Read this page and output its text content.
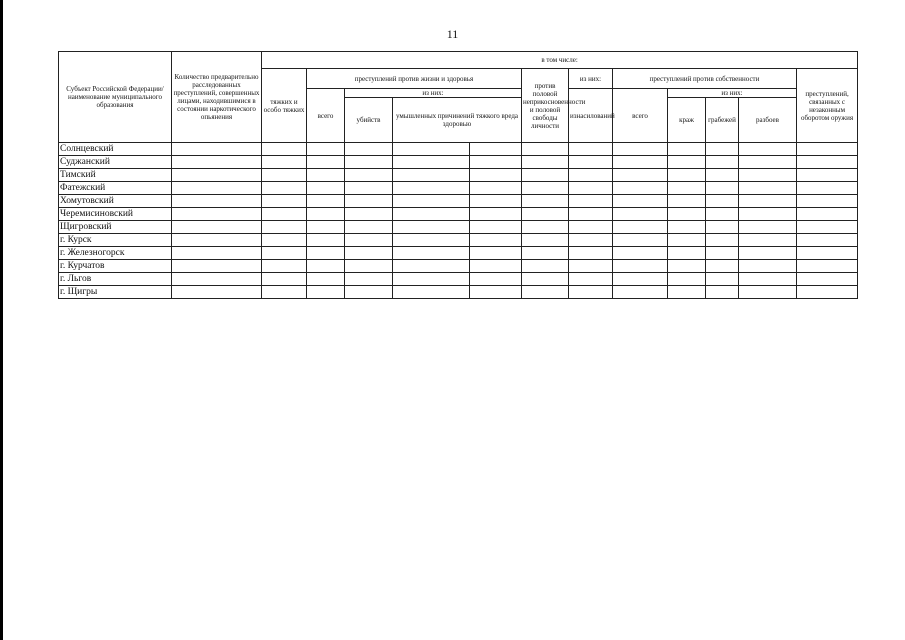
11
Субъект Российской Федерации/ наименование муниципального образования	Количество предварительно расследованных преступлений, совершенных лицами, находившимися в состоянии наркотического опьянения	в том числе:												
		тяжких и особо тяжких	преступлений против жизни и здоровья				против половой неприкосновенности и половой свободы личности	из них:	преступлений против собственности				преступлений, связанных с незаконным оборотом оружия	
			всего	из них:				изнасилований	всего	из них:				
				убийств	умышленных причинений тяжкого вреда здоровью					краж	грабежей	разбоев		
Солнцевский														
Суджанский														
Тимский														
Фатежский														
Хомутовский														
Черемисиновский														
Щигровский														
г. Курск														
г. Железногорск														
г. Курчатов														
г. Льгов														
г. Щигры														
